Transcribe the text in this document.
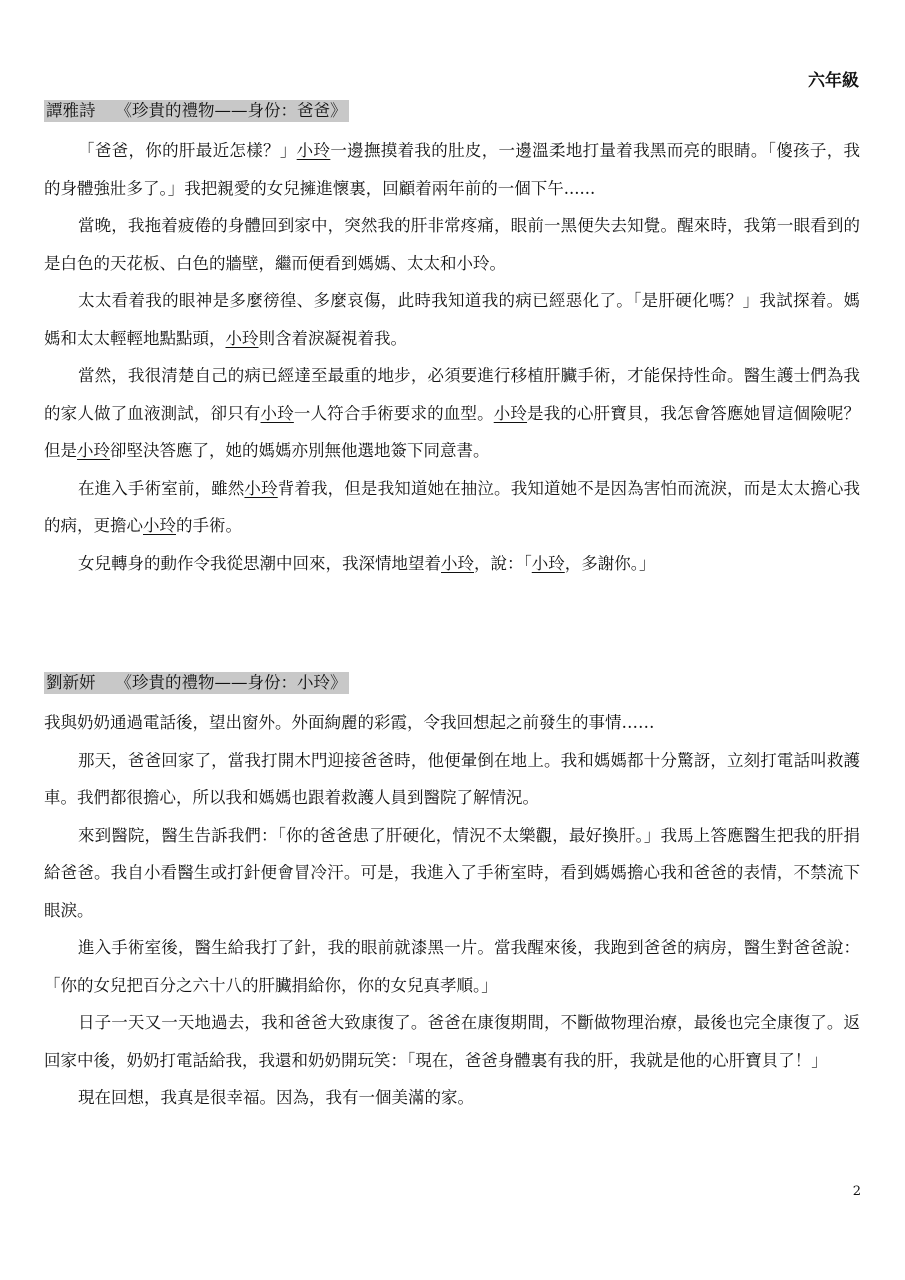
六年級
譚雅詩 《珍貴的禮物——身份：爸爸》

「爸爸，你的肝最近怎樣？」小玲一邊撫摸着我的肚皮，一邊溫柔地打量着我黑而亮的眼睛。「傻孩子，我的身體強壯多了。」我把親愛的女兒擁進懷裏，回顧着兩年前的一個下午......

當晚，我拖着疲倦的身體回到家中，突然我的肝非常疼痛，眼前一黑便失去知覺。醒來時，我第一眼看到的是白色的天花板、白色的牆壁，繼而便看到媽媽、太太和小玲。

太太看着我的眼神是多麼徬徨、多麼哀傷，此時我知道我的病已經惡化了。「是肝硬化嗎？」我試探着。媽媽和太太輕輕地點點頭，小玲則含着淚凝視着我。

當然，我很清楚自己的病已經達至最重的地步，必須要進行移植肝臟手術，才能保持性命。醫生護士們為我的家人做了血液測試，卻只有小玲一人符合手術要求的血型。小玲是我的心肝寶貝，我怎會答應她冒這個險呢？但是小玲卻堅決答應了，她的媽媽亦別無他選地簽下同意書。

在進入手術室前，雖然小玲背着我，但是我知道她在抽泣。我知道她不是因為害怕而流淚，而是太太擔心我的病，更擔心小玲的手術。

女兒轉身的動作令我從思潮中回來，我深情地望着小玲，說：「小玲，多謝你。」

劉新妍 《珍貴的禮物——身份：小玲》

我與奶奶通過電話後，望出窗外。外面絢麗的彩霞，令我回想起之前發生的事情……

那天，爸爸回家了，當我打開木門迎接爸爸時，他便暈倒在地上。我和媽媽都十分驚訝，立刻打電話叫救護車。我們都很擔心，所以我和媽媽也跟着救護人員到醫院了解情況。

來到醫院，醫生告訴我們：「你的爸爸患了肝硬化，情況不太樂觀，最好換肝。」我馬上答應醫生把我的肝捐給爸爸。我自小看醫生或打針便會冒冷汗。可是，我進入了手術室時，看到媽媽擔心我和爸爸的表情，不禁流下眼淚。

進入手術室後，醫生給我打了針，我的眼前就漆黑一片。當我醒來後，我跑到爸爸的病房，醫生對爸爸說：「你的女兒把百分之六十八的肝臟捐給你，你的女兒真孝順。」

日子一天又一天地過去，我和爸爸大致康復了。爸爸在康復期間，不斷做物理治療，最後也完全康復了。返回家中後，奶奶打電話給我，我還和奶奶開玩笑：「現在，爸爸身體裏有我的肝，我就是他的心肝寶貝了！」

現在回想，我真是很幸福。因為，我有一個美滿的家。

2
